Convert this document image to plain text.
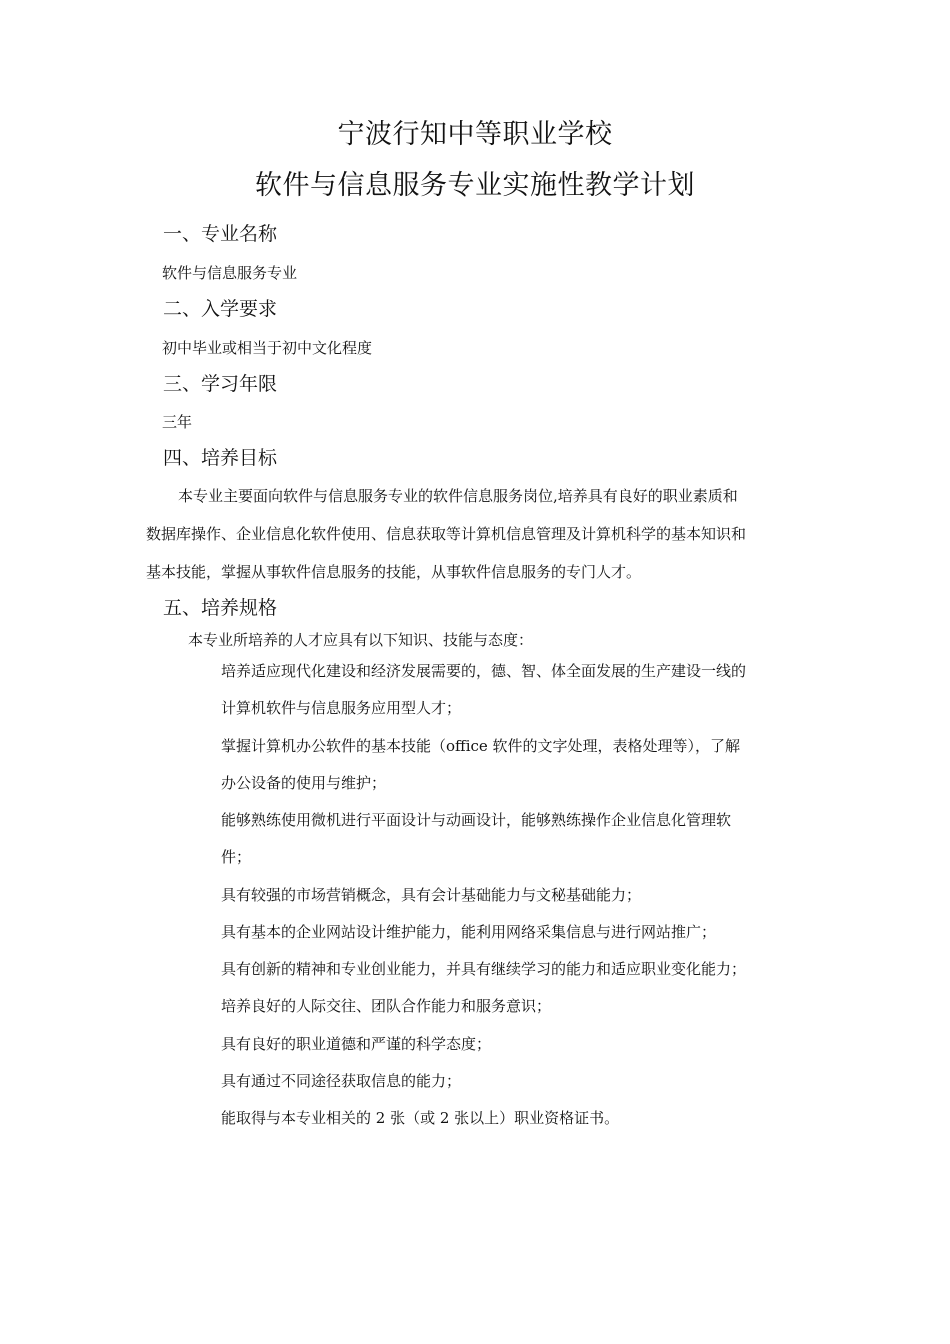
宁波行知中等职业学校
软件与信息服务专业实施性教学计划
一、专业名称
软件与信息服务专业
二、入学要求
初中毕业或相当于初中文化程度
三、学习年限
三年
四、培养目标
本专业主要面向软件与信息服务专业的软件信息服务岗位,培养具有良好的职业素质和
数据库操作、企业信息化软件使用、信息获取等计算机信息管理及计算机科学的基本知识和
基本技能，掌握从事软件信息服务的技能，从事软件信息服务的专门人才。
五、培养规格
本专业所培养的人才应具有以下知识、技能与态度：
培养适应现代化建设和经济发展需要的，德、智、体全面发展的生产建设一线的
计算机软件与信息服务应用型人才；
掌握计算机办公软件的基本技能（office 软件的文字处理，表格处理等），了解
办公设备的使用与维护；
能够熟练使用微机进行平面设计与动画设计，能够熟练操作企业信息化管理软
件；
具有较强的市场营销概念，具有会计基础能力与文秘基础能力；
具有基本的企业网站设计维护能力，能利用网络采集信息与进行网站推广；
具有创新的精神和专业创业能力，并具有继续学习的能力和适应职业变化能力；
培养良好的人际交往、团队合作能力和服务意识；
具有良好的职业道德和严谨的科学态度；
具有通过不同途径获取信息的能力；
能取得与本专业相关的 2 张（或 2 张以上）职业资格证书。
